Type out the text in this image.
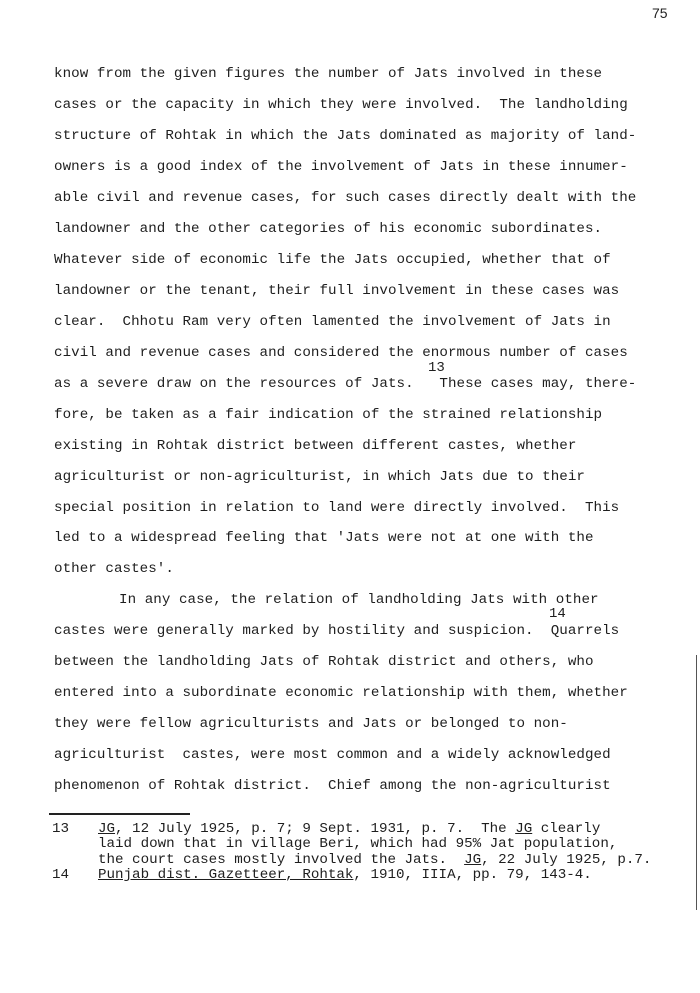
75
know from the given figures the number of Jats involved in these
cases or the capacity in which they were involved.  The landholding
structure of Rohtak in which the Jats dominated as majority of land-
owners is a good index of the involvement of Jats in these innumer-
able civil and revenue cases, for such cases directly dealt with the
landowner and the other categories of his economic subordinates.
Whatever side of economic life the Jats occupied, whether that of
landowner or the tenant, their full involvement in these cases was
clear.  Chhotu Ram very often lamented the involvement of Jats in
civil and revenue cases and considered the enormous number of cases
13
as a severe draw on the resources of Jats.   These cases may, there-
fore, be taken as a fair indication of the strained relationship
existing in Rohtak district between different castes, whether
agriculturist or non-agriculturist, in which Jats due to their
special position in relation to land were directly involved.  This
led to a widespread feeling that 'Jats were not at one with the
other castes'.
In any case, the relation of landholding Jats with other
14
castes were generally marked by hostility and suspicion.  Quarrels
between the landholding Jats of Rohtak district and others, who
entered into a subordinate economic relationship with them, whether
they were fellow agriculturists and Jats or belonged to non-
agriculturist  castes, were most common and a widely acknowledged
phenomenon of Rohtak district.  Chief among the non-agriculturist
13 JG, 12 July 1925, p. 7; 9 Sept. 1931, p. 7.  The JG clearly
laid down that in village Beri, which had 95% Jat population,
the court cases mostly involved the Jats.  JG, 22 July 1925, p.7.
14 Punjab dist. Gazetteer, Rohtak, 1910, IIIA, pp. 79, 143-4.
